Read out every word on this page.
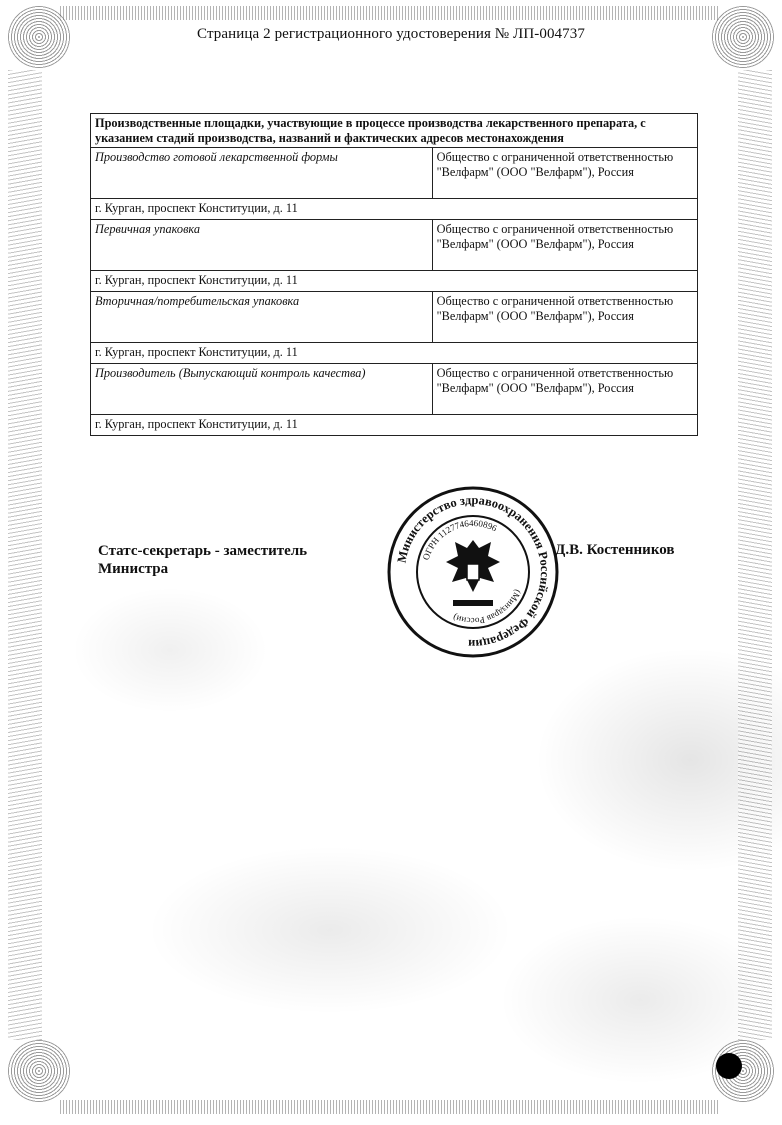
Страница 2 регистрационного удостоверения № ЛП-004737
Производственные площадки, участвующие в процессе производства лекарственного препарата, с указанием стадий производства, названий и фактических адресов местонахождения	
Производство готовой лекарственной формы	Общество с ограниченной ответственностью "Велфарм" (ООО "Велфарм"), Россия
г. Курган, проспект Конституции, д. 11	
Первичная упаковка	Общество с ограниченной ответственностью "Велфарм" (ООО "Велфарм"), Россия
г. Курган, проспект Конституции, д. 11	
Вторичная/потребительская упаковка	Общество с ограниченной ответственностью "Велфарм" (ООО "Велфарм"), Россия
г. Курган, проспект Конституции, д. 11	
Производитель (Выпускающий контроль качества)	Общество с ограниченной ответственностью "Велфарм" (ООО "Велфарм"), Россия
г. Курган, проспект Конституции, д. 11	
Статс-секретарь - заместитель
Министра
Д.В. Костенников
Министерство здравоохранения Российской Федерации
(Минздрав России)
ОГРН 1127746460896
